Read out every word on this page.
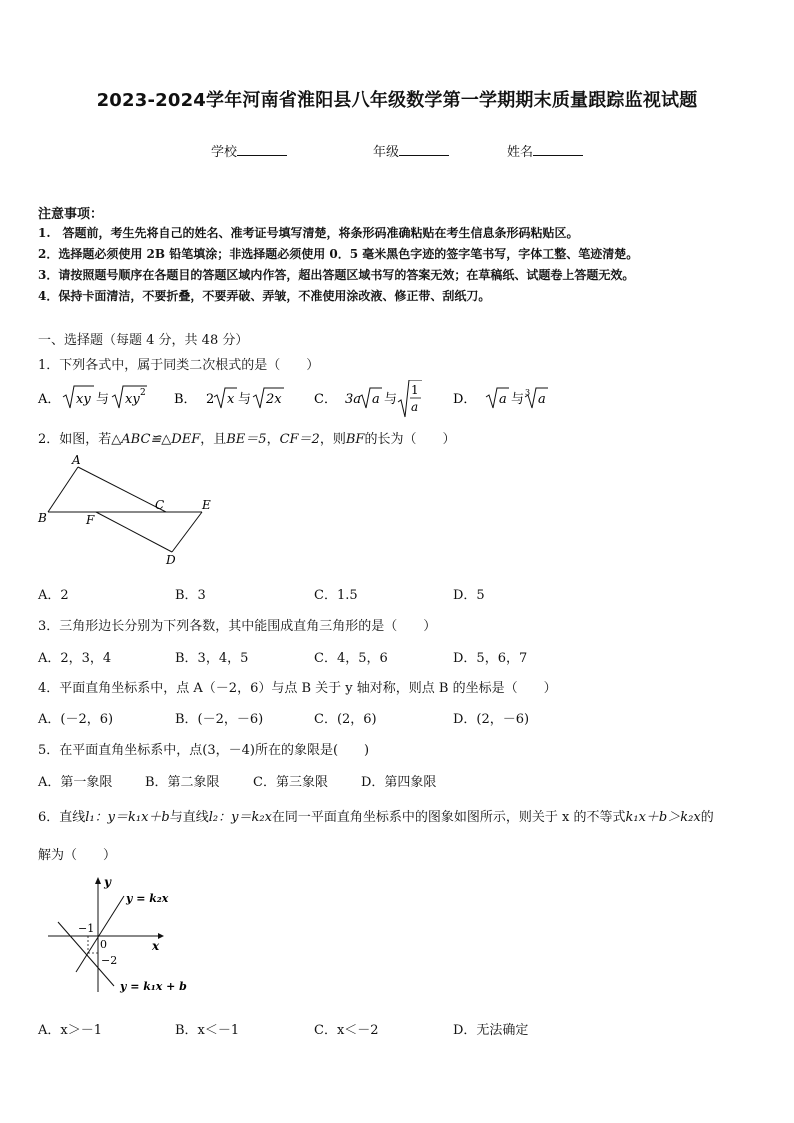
2023-2024学年河南省淮阳县八年级数学第一学期期末质量跟踪监视试题
学校	年级	姓名
注意事项：
1.　答题前，考生先将自己的姓名、准考证号填写清楚，将条形码准确粘贴在考生信息条形码粘贴区。
2．选择题必须使用 2B 铅笔填涂；非选择题必须使用 0．5 毫米黑色字迹的签字笔书写，字体工整、笔迹清楚。
3．请按照题号顺序在各题目的答题区域内作答，超出答题区域书写的答案无效；在草稿纸、试题卷上答题无效。
4．保持卡面清洁，不要折叠，不要弄破、弄皱，不准使用涂改液、修正带、刮纸刀。
一、选择题（每题 4 分，共 48 分）
1．下列各式中，属于同类二次根式的是（　　）
A． xy 与 xy 2 B． 2 x 与 2x C． 3a a 与
1
a	D． a 与 3 a
2．如图，若△ABC≌△DEF，且BE＝5，CF＝2，则BF的长为（　　）
A
B
C
D
E
F
A．2	B．3	C．1.5	D．5
3．三角形边长分别为下列各数，其中能围成直角三角形的是（　　）
A．2，3，4	B．3，4，5	C．4，5，6	D．5，6，7
4．平面直角坐标系中，点 A（－2，6）与点 B 关于 y 轴对称，则点 B 的坐标是（　　）
A．(－2，6)	B．(－2，－6)	C．(2，6)	D．(2，－6)
5．在平面直角坐标系中，点(3，－4)所在的象限是(　　)
A．第一象限	B．第二象限	C．第三象限	D．第四象限
6．直线l₁：y＝k₁x＋b与直线l₂：y＝k₂x在同一平面直角坐标系中的图象如图所示，则关于 x 的不等式k₁x＋b＞k₂x的
解为（　　）
y
x
0
−1
−2
y = k₂x
y = k₁x + b
A．x＞－1	B．x＜－1	C．x＜－2	D．无法确定
